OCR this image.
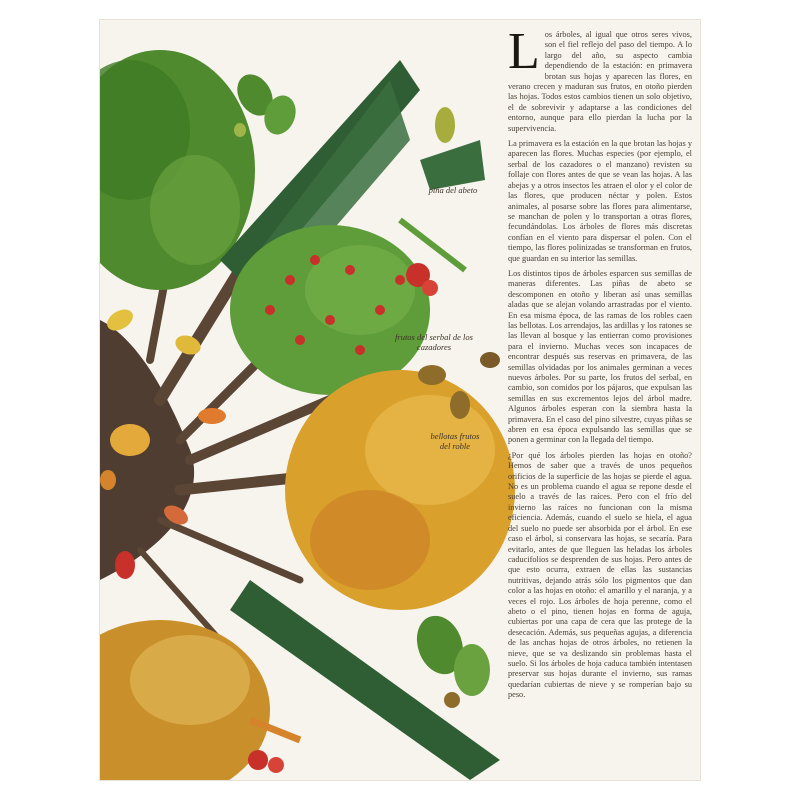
piña del abeto
frutos del serbal de los cazadores
bellotas frutos del roble

L os árboles, al igual que otros seres vivos, son el fiel reflejo del paso del tiempo. A lo largo del año, su aspecto cambia dependiendo de la estación: en primavera brotan sus hojas y aparecen las flores, en verano crecen y maduran sus frutos, en otoño pierden las hojas. Todos estos cambios tienen un solo objetivo, el de sobrevivir y adaptarse a las condiciones del entorno, aunque para ello pierdan la lucha por la supervivencia.

La primavera es la estación en la que brotan las hojas y aparecen las flores. Muchas especies (por ejemplo, el serbal de los cazadores o el manzano) revisten su follaje con flores antes de que se vean las hojas. A las abejas y a otros insectos les atraen el olor y el color de las flores, que producen néctar y polen. Estos animales, al posarse sobre las flores para alimentarse, se manchan de polen y lo transportan a otras flores, fecundándolas. Los árboles de flores más discretas confían en el viento para dispersar el polen. Con el tiempo, las flores polinizadas se transforman en frutos, que guardan en su interior las semillas.

Los distintos tipos de árboles esparcen sus semillas de maneras diferentes. Las piñas de abeto se descomponen en otoño y liberan así unas semillas aladas que se alejan volando arrastradas por el viento. En esa misma época, de las ramas de los robles caen las bellotas. Los arrendajos, las ardillas y los ratones se las llevan al bosque y las entierran como provisiones para el invierno. Muchas veces son incapaces de encontrar después sus reservas en primavera, de las semillas olvidadas por los animales germinan a veces nuevos árboles. Por su parte, los frutos del serbal, en cambio, son comidos por los pájaros, que expulsan las semillas en sus excrementos lejos del árbol madre. Algunos árboles esperan con la siembra hasta la primavera. En el caso del pino silvestre, cuyas piñas se abren en esa época expulsando las semillas que se ponen a germinar con la llegada del tiempo.

¿Por qué los árboles pierden las hojas en otoño? Hemos de saber que a través de unos pequeños orificios de la superficie de las hojas se pierde el agua. No es un problema cuando el agua se repone desde el suelo a través de las raíces. Pero con el frío del invierno las raíces no funcionan con la misma eficiencia. Además, cuando el suelo se hiela, el agua del suelo no puede ser absorbida por el árbol. En ese caso el árbol, si conservara las hojas, se secaría. Para evitarlo, antes de que lleguen las heladas los árboles caducifolios se desprenden de sus hojas. Pero antes de que esto ocurra, extraen de ellas las sustancias nutritivas, dejando atrás sólo los pigmentos que dan color a las hojas en otoño: el amarillo y el naranja, y a veces el rojo. Los árboles de hoja perenne, como el abeto o el pino, tienen hojas en forma de aguja, cubiertas por una capa de cera que las protege de la desecación. Además, sus pequeñas agujas, a diferencia de las anchas hojas de otros árboles, no retienen la nieve, que se va deslizando sin problemas hasta el suelo. Si los árboles de hoja caduca también intentasen preservar sus hojas durante el invierno, sus ramas quedarían cubiertas de nieve y se romperían bajo su peso.
